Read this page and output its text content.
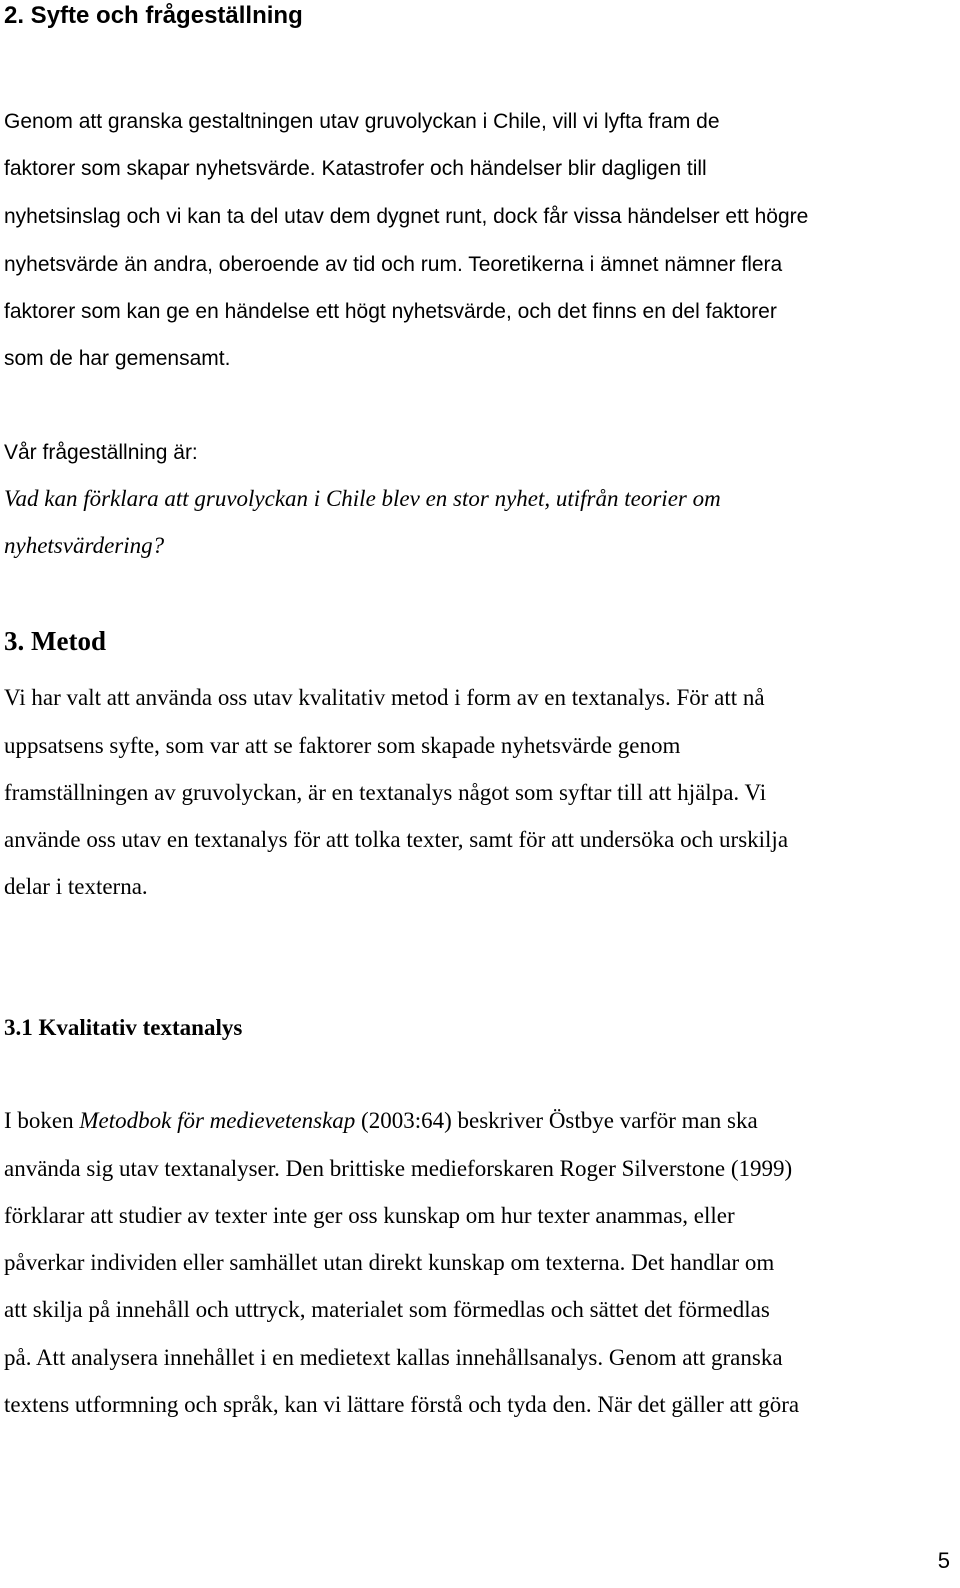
2. Syfte och frågeställning
Genom att granska gestaltningen utav gruvolyckan i Chile, vill vi lyfta fram de
faktorer som skapar nyhetsvärde. Katastrofer och händelser blir dagligen till
nyhetsinslag och vi kan ta del utav dem dygnet runt, dock får vissa händelser ett högre
nyhetsvärde än andra, oberoende av tid och rum. Teoretikerna i ämnet nämner flera
faktorer som kan ge en händelse ett högt nyhetsvärde, och det finns en del faktorer
som de har gemensamt.
Vår frågeställning är:
Vad kan förklara att gruvolyckan i Chile blev en stor nyhet, utifrån teorier om
nyhetsvärdering?
3. Metod
Vi har valt att använda oss utav kvalitativ metod i form av en textanalys. För att nå
uppsatsens syfte, som var att se faktorer som skapade nyhetsvärde genom
framställningen av gruvolyckan, är en textanalys något som syftar till att hjälpa. Vi
använde oss utav en textanalys för att tolka texter, samt för att undersöka och urskilja
delar i texterna.
3.1 Kvalitativ textanalys
I boken Metodbok för medievetenskap (2003:64) beskriver Östbye varför man ska
använda sig utav textanalyser. Den brittiske medieforskaren Roger Silverstone (1999)
förklarar att studier av texter inte ger oss kunskap om hur texter anammas, eller
påverkar individen eller samhället utan direkt kunskap om texterna. Det handlar om
att skilja på innehåll och uttryck, materialet som förmedlas och sättet det förmedlas
på. Att analysera innehållet i en medietext kallas innehållsanalys. Genom att granska
textens utformning och språk, kan vi lättare förstå och tyda den. När det gäller att göra
5
